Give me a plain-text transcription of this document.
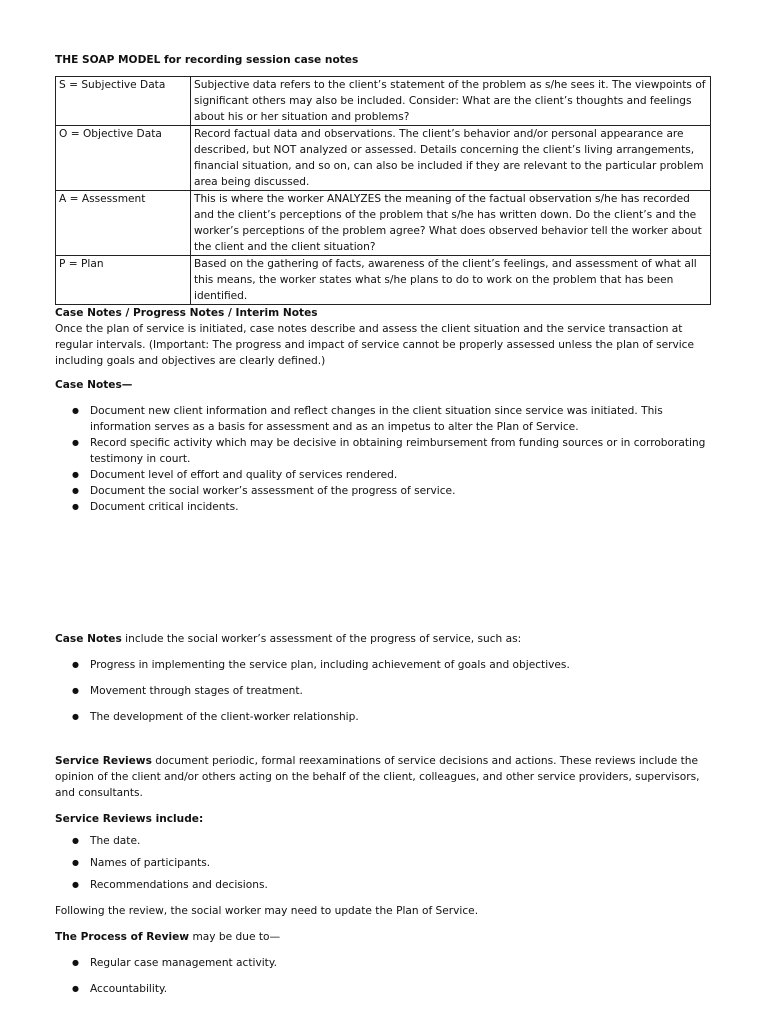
THE SOAP MODEL for recording session case notes

S = Subjective Data	Subjective data refers to the client’s statement of the problem as s/he sees it. The viewpoints of significant others may also be included. Consider: What are the client’s thoughts and feelings about his or her situation and problems?
O = Objective Data	Record factual data and observations. The client’s behavior and/or personal appearance are described, but NOT analyzed or assessed. Details concerning the client’s living arrangements, financial situation, and so on, can also be included if they are relevant to the particular problem area being discussed.
A = Assessment	This is where the worker ANALYZES the meaning of the factual observation s/he has recorded and the client’s perceptions of the problem that s/he has written down. Do the client’s and the worker’s perceptions of the problem agree? What does observed behavior tell the worker about the client and the client situation?
P = Plan	Based on the gathering of facts, awareness of the client’s feelings, and assessment of what all this means, the worker states what s/he plans to do to work on the problem that has been identified.

Case Notes / Progress Notes / Interim Notes

Once the plan of service is initiated, case notes describe and assess the client situation and the service transaction at regular intervals. (Important: The progress and impact of service cannot be properly assessed unless the plan of service including goals and objectives are clearly defined.)

Case Notes—

● Document new client information and reflect changes in the client situation since service was initiated. This information serves as a basis for assessment and as an impetus to alter the Plan of Service.
● Record specific activity which may be decisive in obtaining reimbursement from funding sources or in corroborating testimony in court.
● Document level of effort and quality of services rendered.
● Document the social worker’s assessment of the progress of service.
● Document critical incidents.

Case Notes include the social worker’s assessment of the progress of service, such as:

● Progress in implementing the service plan, including achievement of goals and objectives.
● Movement through stages of treatment.
● The development of the client-worker relationship.

Service Reviews document periodic, formal reexaminations of service decisions and actions. These reviews include the opinion of the client and/or others acting on the behalf of the client, colleagues, and other service providers, supervisors, and consultants.

Service Reviews include:

● The date.
● Names of participants.
● Recommendations and decisions.

Following the review, the social worker may need to update the Plan of Service.

The Process of Review may be due to—

● Regular case management activity.
● Accountability.
